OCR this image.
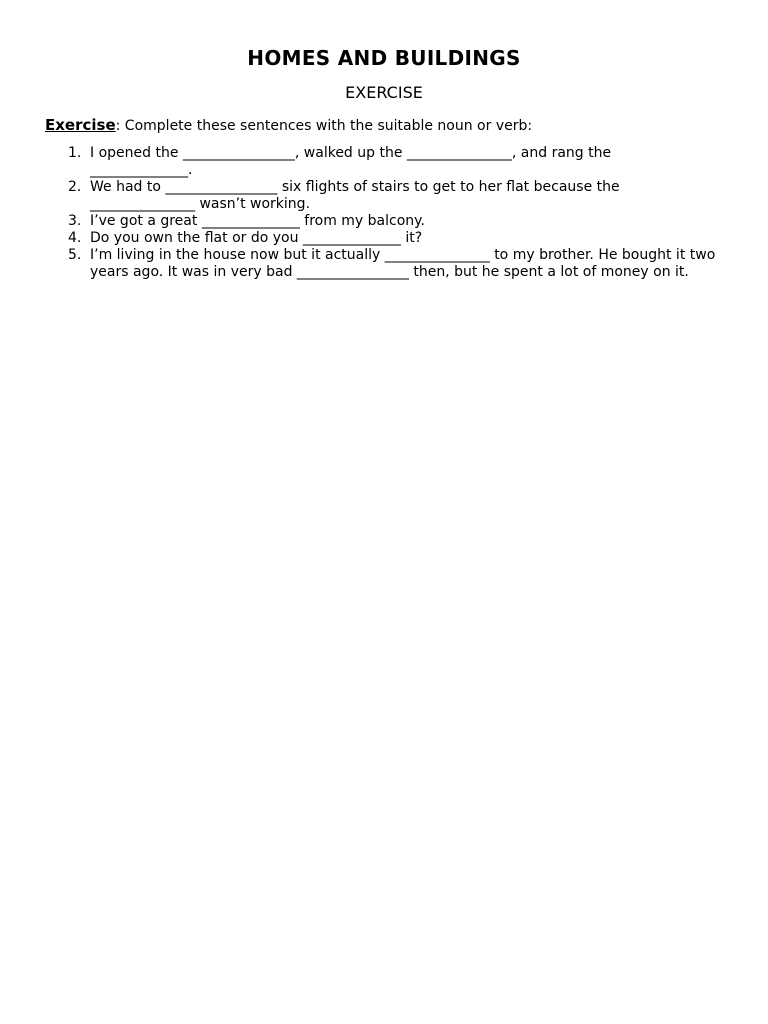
HOMES AND BUILDINGS
EXERCISE
Exercise: Complete these sentences with the suitable noun or verb:
1. I opened the ________________, walked up the _______________, and rang the
______________.
2. We had to ________________ six flights of stairs to get to her flat because the
_______________ wasn’t working.
3. I’ve got a great ______________ from my balcony.
4. Do you own the flat or do you ______________ it?
5. I’m living in the house now but it actually _______________ to my brother. He bought it two
years ago. It was in very bad ________________ then, but he spent a lot of money on it.
